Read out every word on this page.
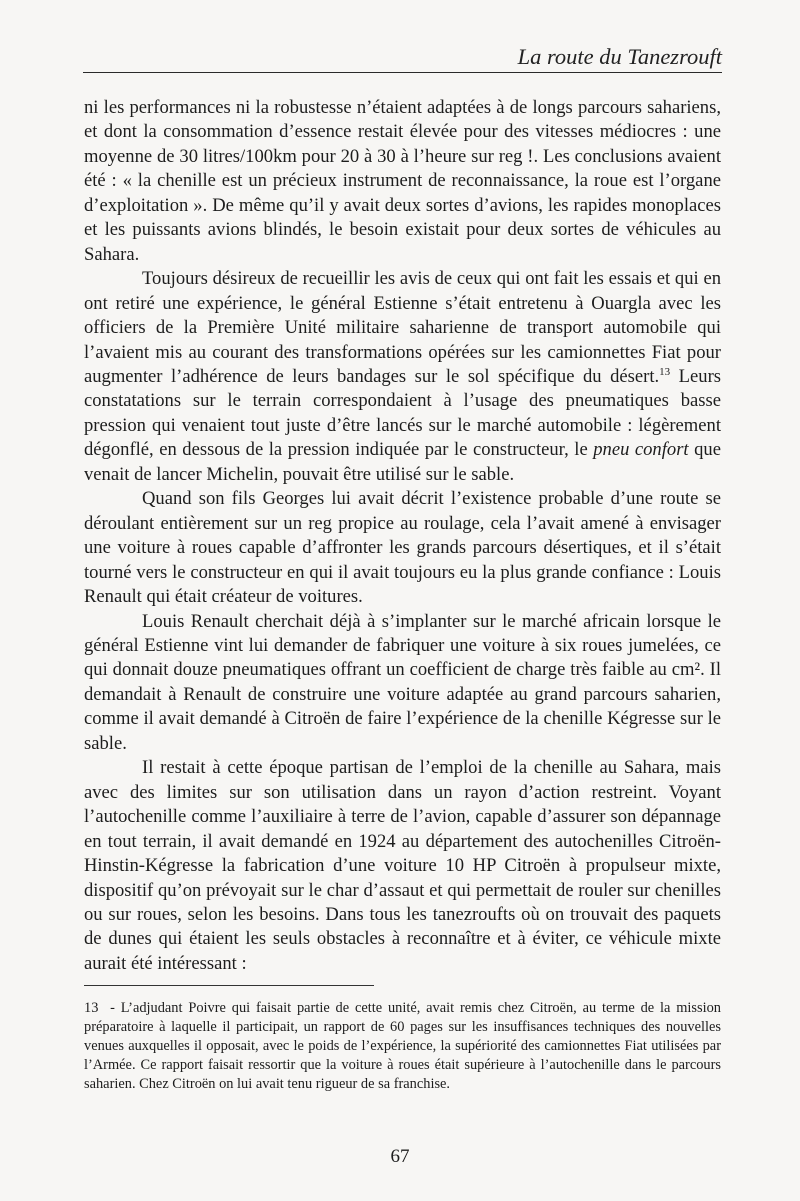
La route du Tanezrouft

ni les performances ni la robustesse n’étaient adaptées à de longs parcours sahariens, et dont la consommation d’essence restait élevée pour des vitesses médiocres : une moyenne de 30 litres/100km pour 20 à 30 à l’heure sur reg !. Les conclusions avaient été : « la chenille est un précieux instrument de reconnaissance, la roue est l’organe d’exploitation ». De même qu’il y avait deux sortes d’avions, les rapides monoplaces et les puissants avions blindés, le besoin existait pour deux sortes de véhicules au Sahara.

Toujours désireux de recueillir les avis de ceux qui ont fait les essais et qui en ont retiré une expérience, le général Estienne s’était entretenu à Ouargla avec les officiers de la Première Unité militaire saharienne de transport automobile qui l’avaient mis au courant des transformations opérées sur les camionnettes Fiat pour augmenter l’adhérence de leurs bandages sur le sol spécifique du désert.$^{13}$ Leurs constatations sur le terrain correspondaient à l’usage des pneumatiques basse pression qui venaient tout juste d’être lancés sur le marché automobile : légèrement dégonflé, en dessous de la pression indiquée par le constructeur, le pneu confort que venait de lancer Michelin, pouvait être utilisé sur le sable.

Quand son fils Georges lui avait décrit l’existence probable d’une route se déroulant entièrement sur un reg propice au roulage, cela l’avait amené à envisager une voiture à roues capable d’affronter les grands parcours désertiques, et il s’était tourné vers le constructeur en qui il avait toujours eu la plus grande confiance : Louis Renault qui était créateur de voitures.

Louis Renault cherchait déjà à s’implanter sur le marché africain lorsque le général Estienne vint lui demander de fabriquer une voiture à six roues jumelées, ce qui donnait douze pneumatiques offrant un coefficient de charge très faible au cm². Il demandait à Renault de construire une voiture adaptée au grand parcours saharien, comme il avait demandé à Citroën de faire l’expérience de la chenille Kégresse sur le sable.

Il restait à cette époque partisan de l’emploi de la chenille au Sahara, mais avec des limites sur son utilisation dans un rayon d’action restreint. Voyant l’autochenille comme l’auxiliaire à terre de l’avion, capable d’assurer son dépannage en tout terrain, il avait demandé en 1924 au département des autochenilles Citroën-Hinstin-Kégresse la fabrication d’une voiture 10 HP Citroën à propulseur mixte, dispositif qu’on prévoyait sur le char d’assaut et qui permettait de rouler sur chenilles ou sur roues, selon les besoins. Dans tous les tanezroufts où on trouvait des paquets de dunes qui étaient les seuls obstacles à reconnaître et à éviter, ce véhicule mixte aurait été intéressant :

13 - L’adjudant Poivre qui faisait partie de cette unité, avait remis chez Citroën, au terme de la mission préparatoire à laquelle il participait, un rapport de 60 pages sur les insuffisances techniques des nouvelles venues auxquelles il opposait, avec le poids de l’expérience, la supériorité des camionnettes Fiat utilisées par l’Armée. Ce rapport faisait ressortir que la voiture à roues était supérieure à l’autochenille dans le parcours saharien. Chez Citroën on lui avait tenu rigueur de sa franchise.

67
